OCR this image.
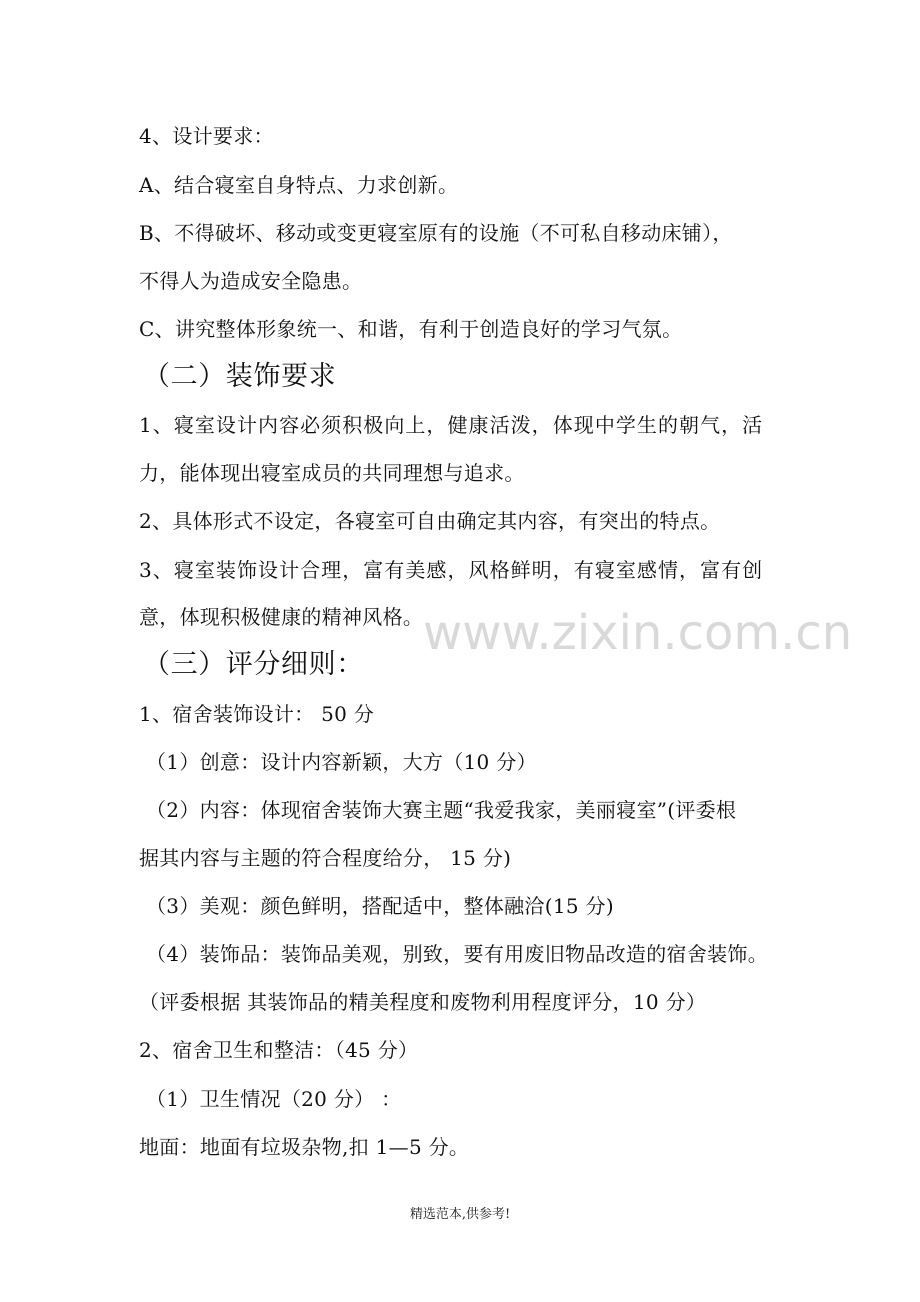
4、设计要求：
A、结合寝室自身特点、力求创新。
B、不得破坏、移动或变更寝室原有的设施（不可私自移动床铺），
不得人为造成安全隐患。
C、讲究整体形象统一、和谐，有利于创造良好的学习气氛。
（二）装饰要求
1、寝室设计内容必须积极向上，健康活泼，体现中学生的朝气，活
力，能体现出寝室成员的共同理想与追求。
2、具体形式不设定，各寝室可自由确定其内容，有突出的特点。
3、寝室装饰设计合理，富有美感，风格鲜明，有寝室感情，富有创
意，体现积极健康的精神风格。
（三）评分细则：
1、宿舍装饰设计： 50 分
（1）创意：设计内容新颖，大方（10 分）
（2）内容：体现宿舍装饰大赛主题“我爱我家，美丽寝室”(评委根
据其内容与主题的符合程度给分， 15 分)
（3）美观：颜色鲜明，搭配适中，整体融洽(15 分)
（4）装饰品：装饰品美观，别致，要有用废旧物品改造的宿舍装饰。
（评委根据 其装饰品的精美程度和废物利用程度评分，10 分）
2、宿舍卫生和整洁：（45 分）
（1）卫生情况（20 分） ：
地面：地面有垃圾杂物,扣 1—5 分。
www.zixin.com.cn
精选范本,供参考!
